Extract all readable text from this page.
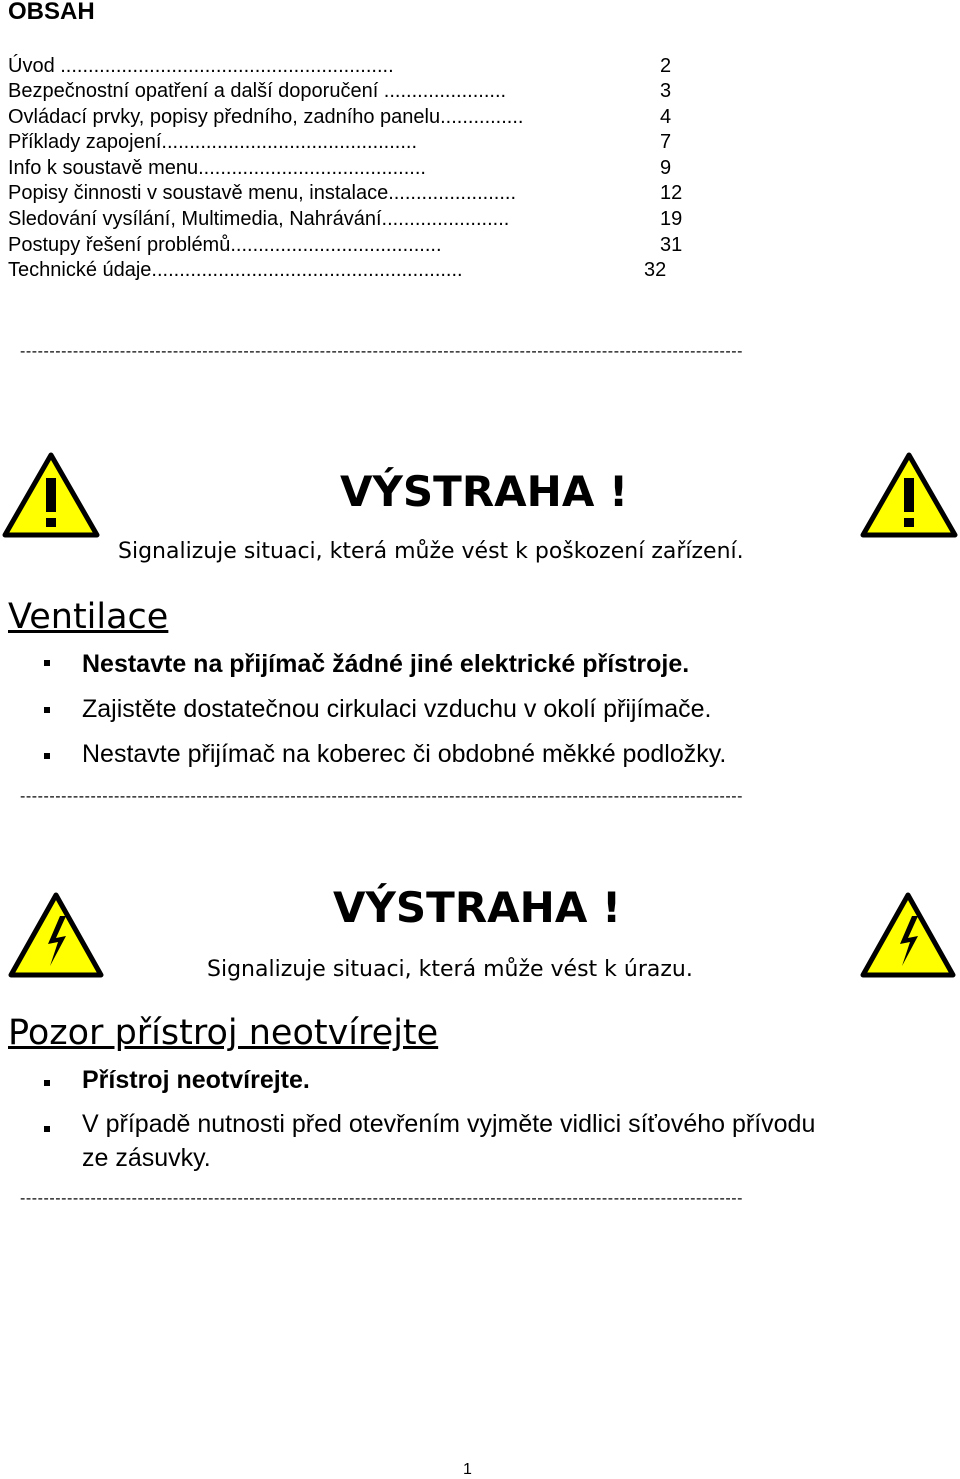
OBSAH
Úvod ............................................................	2
Bezpečnostní opatření a další doporučení ......................	3
Ovládací prvky, popisy předního, zadního panelu...............	4
Příklady zapojení..............................................	7
Info k soustavě menu.........................................	9
Popisy činnosti v soustavě menu, instalace.......................	12
Sledování vysílání, Multimedia, Nahrávání.......................	19
Postupy řešení problémů......................................	31
Technické údaje........................................................	32
---------------------------------------------------------------------------------------------------------------------------
VÝSTRAHA !
Signalizuje situaci, která může vést k poškození zařízení.
Ventilace
Nestavte na přijímač žádné jiné elektrické přístroje.
Zajistěte dostatečnou cirkulaci vzduchu v okolí přijímače.
Nestavte přijímač na koberec či obdobné měkké podložky.
---------------------------------------------------------------------------------------------------------------------------
VÝSTRAHA !
Signalizuje situaci, která může vést k úrazu.
Pozor přístroj neotvírejte
Přístroj neotvírejte.
V případě nutnosti před otevřením vyjměte vidlici síťového přívodu
ze zásuvky.
---------------------------------------------------------------------------------------------------------------------------
1
